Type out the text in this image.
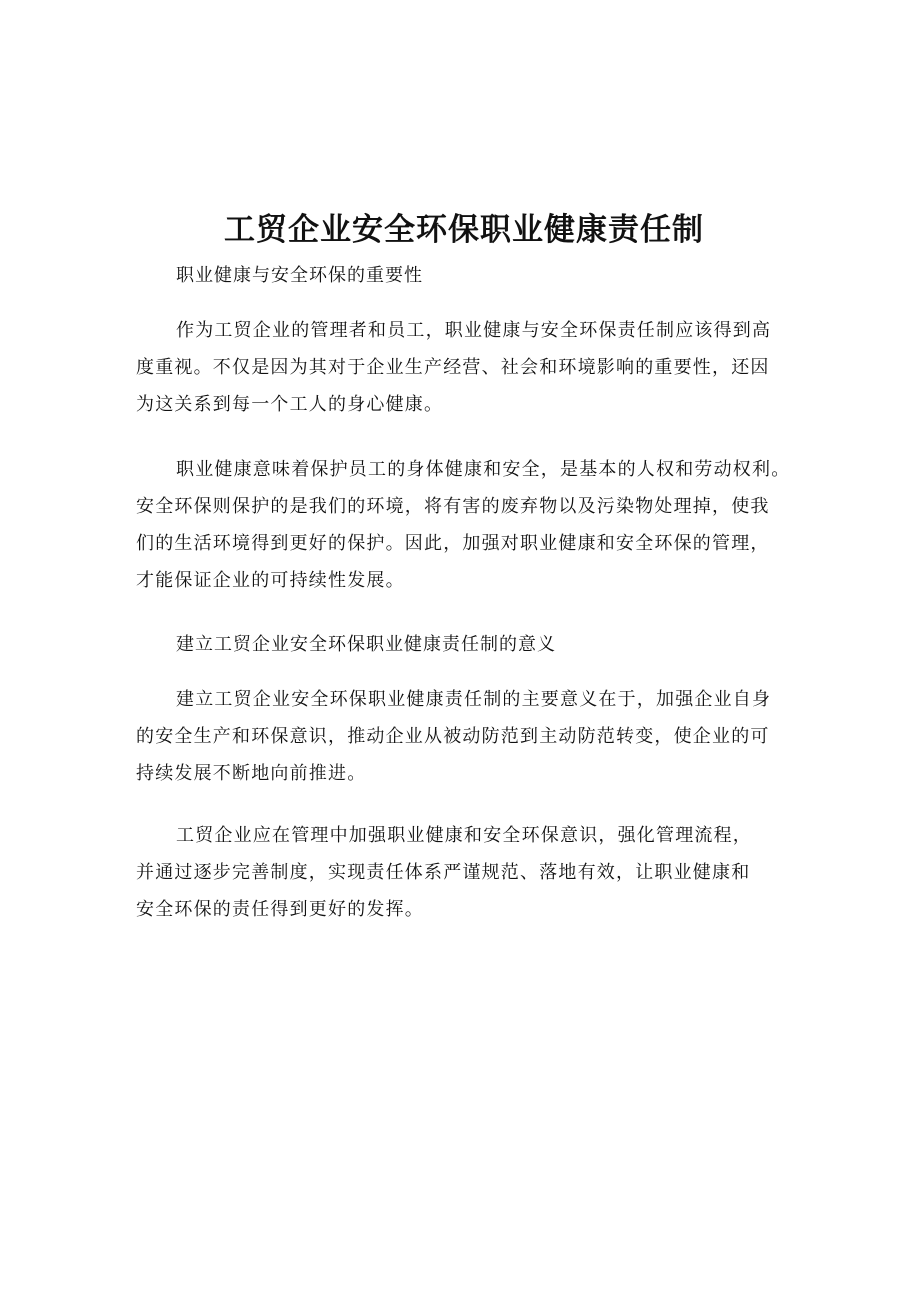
工贸企业安全环保职业健康责任制
职业健康与安全环保的重要性
作为工贸企业的管理者和员工，职业健康与安全环保责任制应该得到高
度重视。不仅是因为其对于企业生产经营、社会和环境影响的重要性，还因
为这关系到每一个工人的身心健康。
职业健康意味着保护员工的身体健康和安全，是基本的人权和劳动权利。
安全环保则保护的是我们的环境，将有害的废弃物以及污染物处理掉，使我
们的生活环境得到更好的保护。因此，加强对职业健康和安全环保的管理，
才能保证企业的可持续性发展。
建立工贸企业安全环保职业健康责任制的意义
建立工贸企业安全环保职业健康责任制的主要意义在于，加强企业自身
的安全生产和环保意识，推动企业从被动防范到主动防范转变，使企业的可
持续发展不断地向前推进。
工贸企业应在管理中加强职业健康和安全环保意识，强化管理流程，
并通过逐步完善制度，实现责任体系严谨规范、落地有效，让职业健康和
安全环保的责任得到更好的发挥。
